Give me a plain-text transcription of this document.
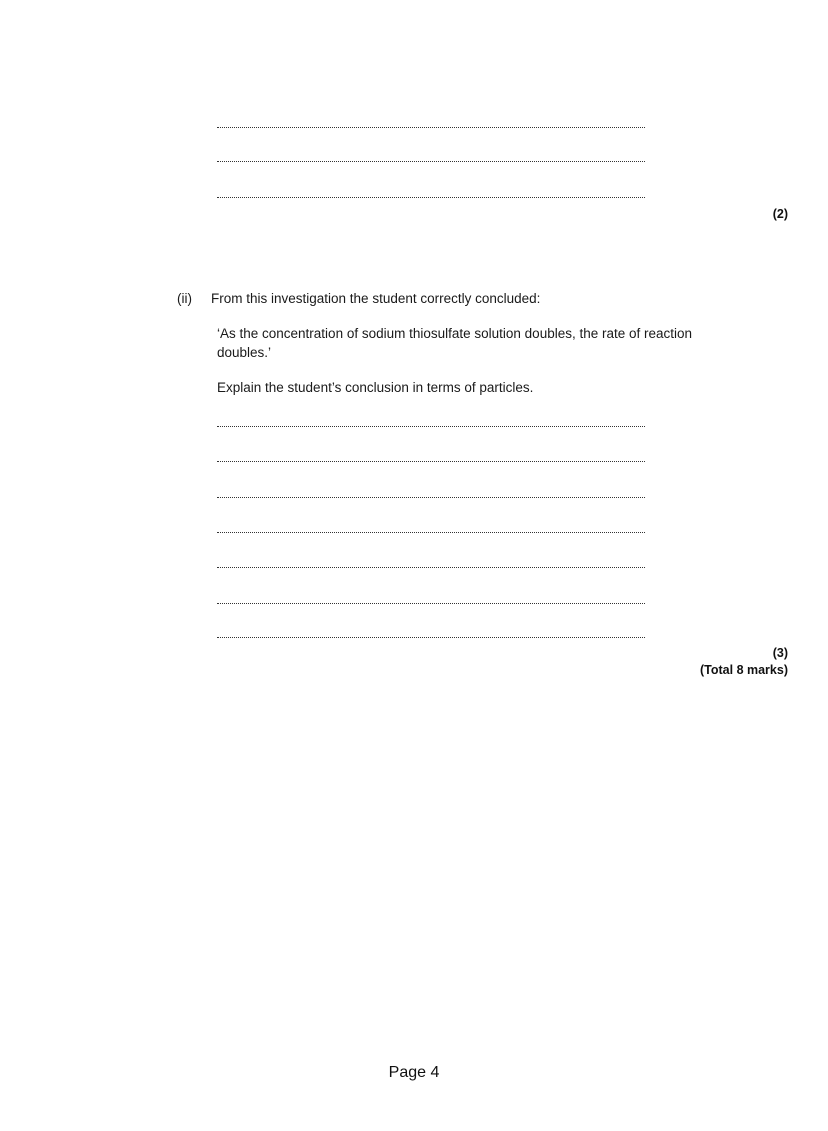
(2)
(ii) From this investigation the student correctly concluded:
‘As the concentration of sodium thiosulfate solution doubles, the rate of reaction doubles.’
Explain the student’s conclusion in terms of particles.
(3)
(Total 8 marks)
Page 4
